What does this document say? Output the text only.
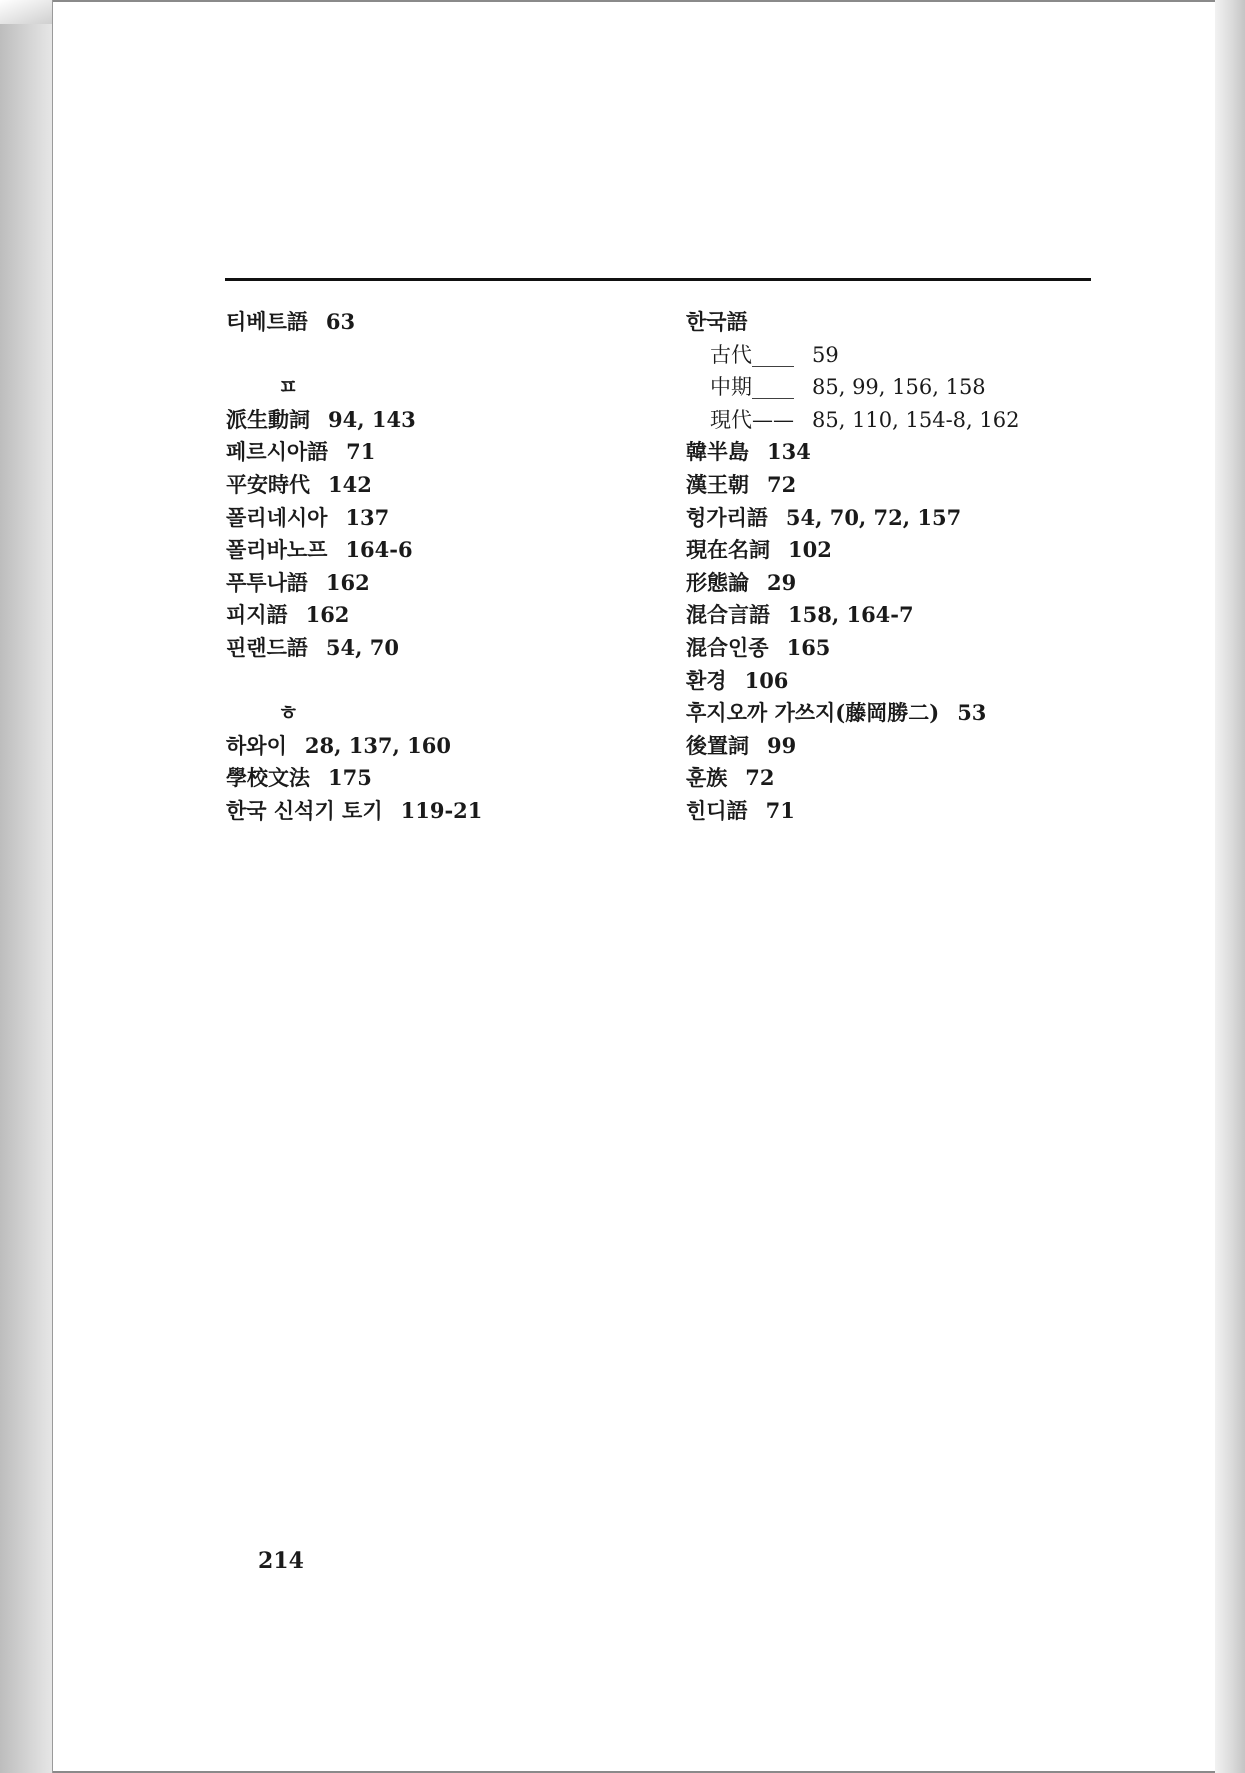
티베트語 63
ㅍ
派生動詞 94, 143
페르시아語 71
平安時代 142
폴리네시아 137
폴리바노프 164-6
푸투나語 162
피지語 162
핀랜드語 54, 70
ㅎ
하와이 28, 137, 160
學校文法 175
한국 신석기 토기 119-21
한국語
古代____ 59
中期____ 85, 99, 156, 158
現代—— 85, 110, 154-8, 162
韓半島 134
漢王朝 72
헝가리語 54, 70, 72, 157
現在名詞 102
形態論 29
混合言語 158, 164-7
混合인종 165
환경 106
후지오까 가쓰지(藤岡勝二) 53
後置詞 99
훈族 72
힌디語 71
214
